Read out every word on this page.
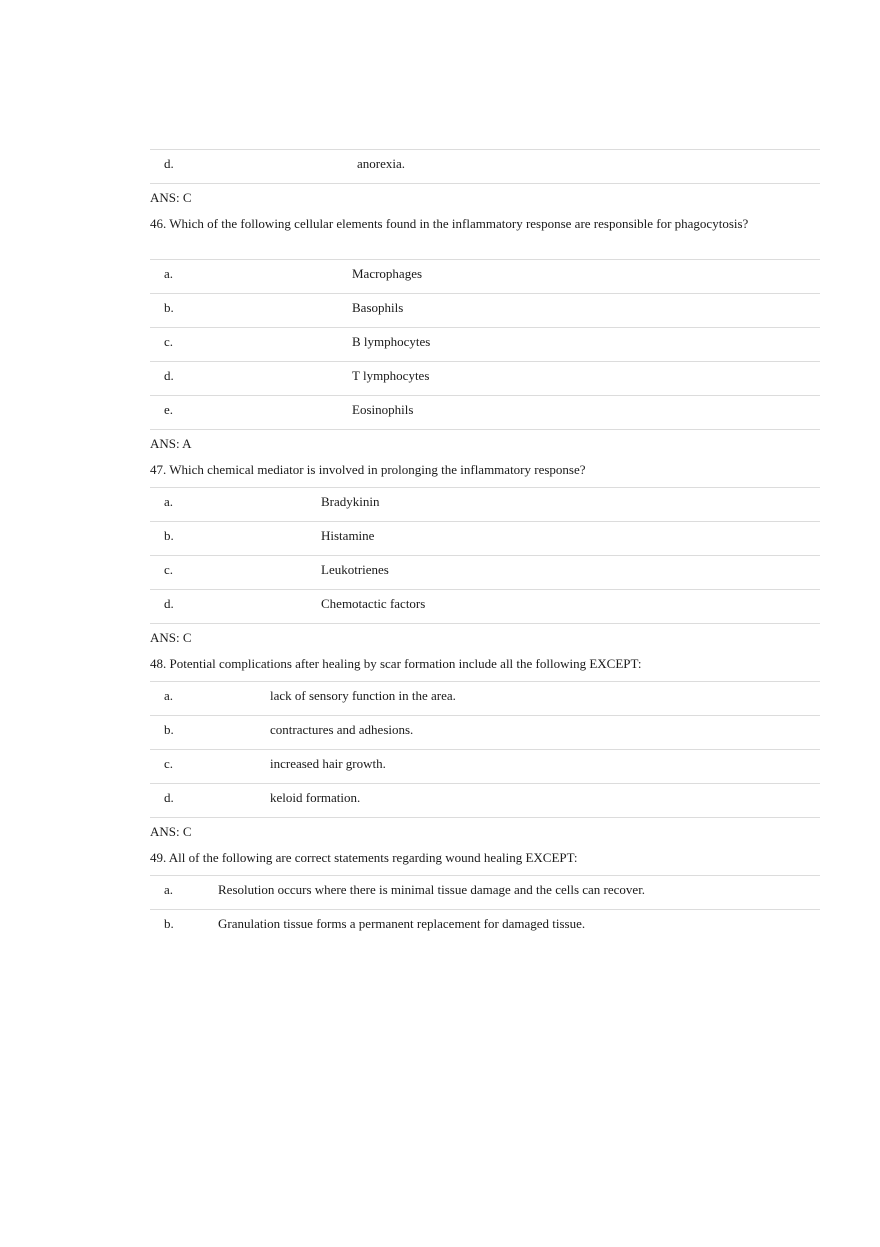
d.	anorexia.

ANS: C

46. Which of the following cellular elements found in the inflammatory response are responsible for phagocytosis?

a.	Macrophages
b.	Basophils
c.	B lymphocytes
d.	T lymphocytes
e.	Eosinophils

ANS: A

47. Which chemical mediator is involved in prolonging the inflammatory response?

a.	Bradykinin
b.	Histamine
c.	Leukotrienes
d.	Chemotactic factors

ANS: C

48. Potential complications after healing by scar formation include all the following EXCEPT:

a.	lack of sensory function in the area.
b.	contractures and adhesions.
c.	increased hair growth.
d.	keloid formation.

ANS: C

49. All of the following are correct statements regarding wound healing EXCEPT:

a.	Resolution occurs where there is minimal tissue damage and the cells can recover.
b.	Granulation tissue forms a permanent replacement for damaged tissue.
